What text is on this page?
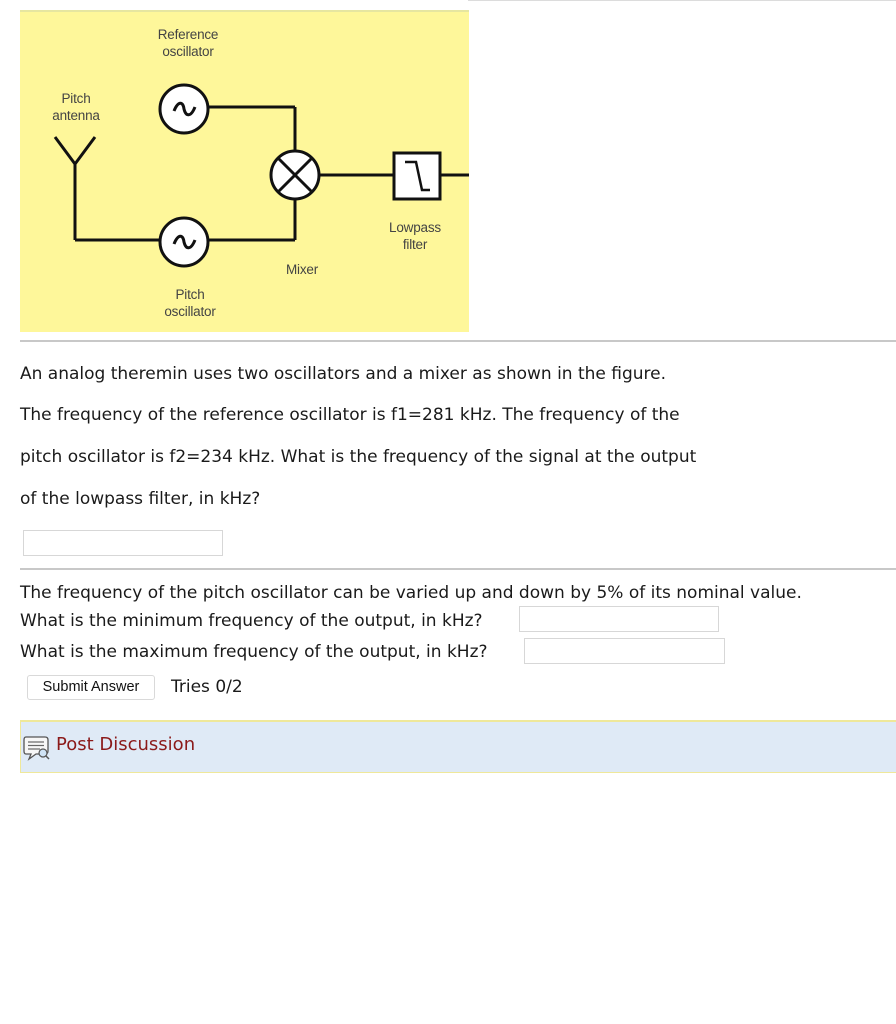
Reference
oscillator
Pitch
antenna
Lowpass
filter
Mixer
Pitch
oscillator
An analog theremin uses two oscillators and a mixer as shown in the figure.
The frequency of the reference oscillator is f1=281 kHz. The frequency of the
pitch oscillator is f2=234 kHz. What is the frequency of the signal at the output
of the lowpass filter, in kHz?
The frequency of the pitch oscillator can be varied up and down by 5% of its nominal value.
What is the minimum frequency of the output, in kHz?
What is the maximum frequency of the output, in kHz?
Submit Answer	Tries 0/2
Post Discussion
